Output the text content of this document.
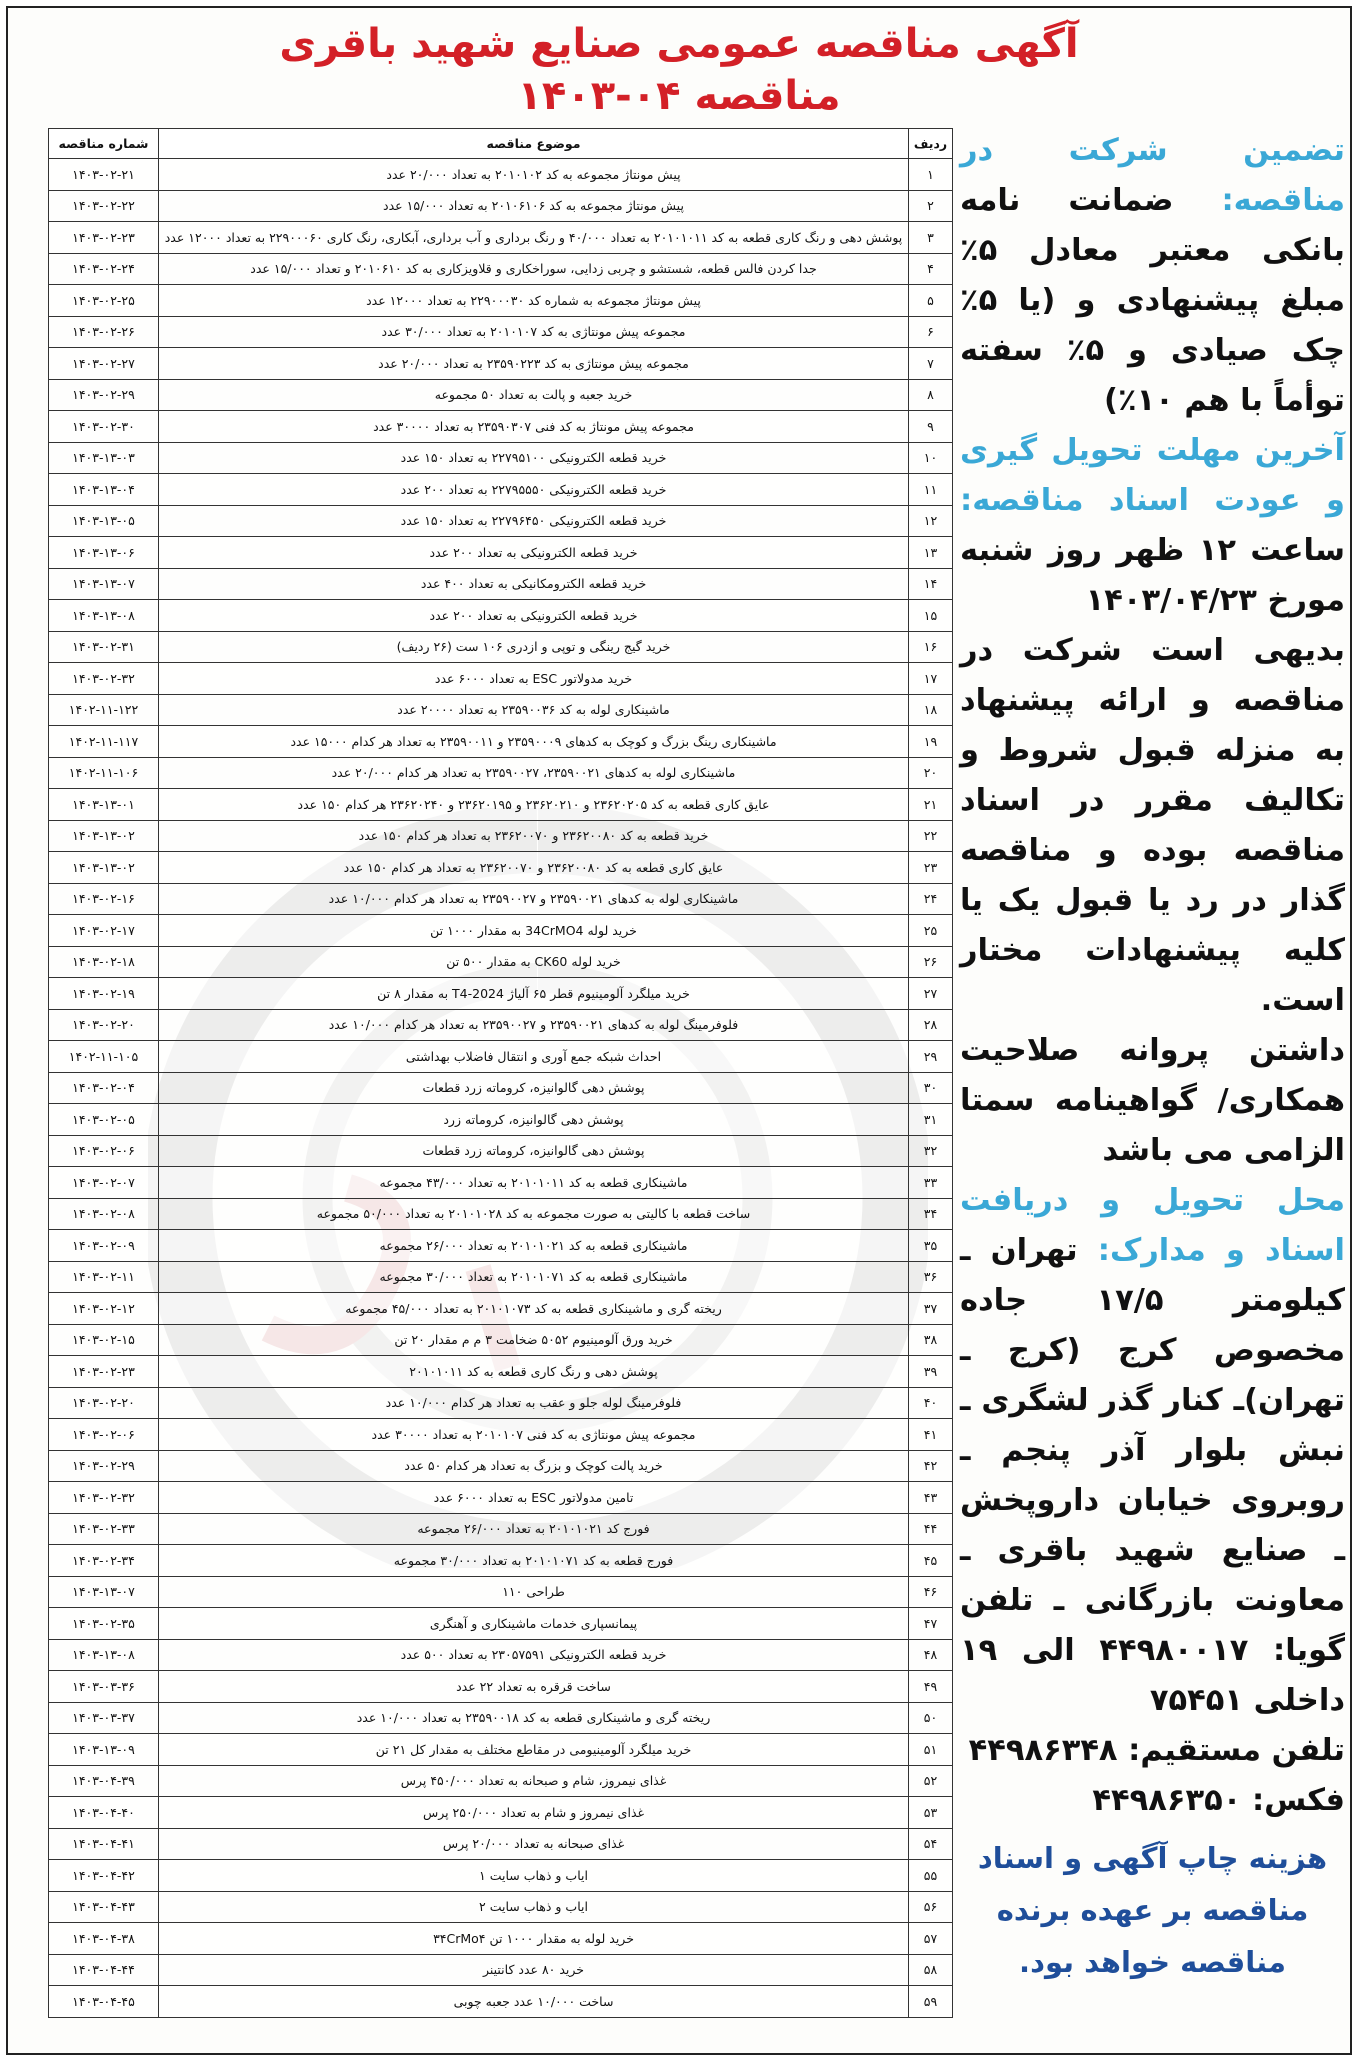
آگهی مناقصه عمومی صنایع شهید باقری
مناقصه ۰۴-۱۴۰۳
ردیف	موضوع مناقصه	شماره مناقصه
۱	پیش مونتاژ مجموعه به کد ۲۰۱۰۱۰۲ به تعداد ۲۰/۰۰۰ عدد	۱۴۰۳-۰۲-۲۱
۲	پیش مونتاژ مجموعه به کد ۲۰۱۰۶۱۰۶ به تعداد ۱۵/۰۰۰ عدد	۱۴۰۳-۰۲-۲۲
۳	پوشش دهی و رنگ کاری قطعه به کد ۲۰۱۰۱۰۱۱ به تعداد ۴۰/۰۰۰ و رنگ برداری و آب برداری، آبکاری، رنگ کاری ۲۲۹۰۰۰۶۰ به تعداد ۱۲۰۰۰ عدد	۱۴۰۳-۰۲-۲۳
۴	جدا کردن فالس قطعه، شستشو و چربی زدایی، سوراخکاری و قلاویزکاری به کد ۲۰۱۰۶۱۰ و تعداد ۱۵/۰۰۰ عدد	۱۴۰۳-۰۲-۲۴
۵	پیش مونتاژ مجموعه به شماره کد ۲۲۹۰۰۰۳۰ به تعداد ۱۲۰۰۰ عدد	۱۴۰۳-۰۲-۲۵
۶	مجموعه پیش مونتاژی به کد ۲۰۱۰۱۰۷ به تعداد ۳۰/۰۰۰ عدد	۱۴۰۳-۰۲-۲۶
۷	مجموعه پیش مونتاژی به کد ۲۳۵۹۰۲۲۳ به تعداد ۲۰/۰۰۰ عدد	۱۴۰۳-۰۲-۲۷
۸	خرید جعبه و پالت به تعداد ۵۰ مجموعه	۱۴۰۳-۰۲-۲۹
۹	مجموعه پیش مونتاژ به کد فنی ۲۳۵۹۰۳۰۷ به تعداد ۳۰۰۰۰ عدد	۱۴۰۳-۰۲-۳۰
۱۰	خرید قطعه الکترونیکی ۲۲۷۹۵۱۰۰ به تعداد ۱۵۰ عدد	۱۴۰۳-۱۳-۰۳
۱۱	خرید قطعه الکترونیکی ۲۲۷۹۵۵۵۰ به تعداد ۲۰۰ عدد	۱۴۰۳-۱۳-۰۴
۱۲	خرید قطعه الکترونیکی ۲۲۷۹۶۴۵۰ به تعداد ۱۵۰ عدد	۱۴۰۳-۱۳-۰۵
۱۳	خرید قطعه الکترونیکی به تعداد ۲۰۰ عدد	۱۴۰۳-۱۳-۰۶
۱۴	خرید قطعه الکترومکانیکی به تعداد ۴۰۰ عدد	۱۴۰۳-۱۳-۰۷
۱۵	خرید قطعه الکترونیکی به تعداد ۲۰۰ عدد	۱۴۰۳-۱۳-۰۸
۱۶	خرید گیج رینگی و توپی و ازدری ۱۰۶ ست (۲۶ ردیف)	۱۴۰۳-۰۲-۳۱
۱۷	خرید مدولاتور ESC به تعداد ۶۰۰۰ عدد	۱۴۰۳-۰۲-۳۲
۱۸	ماشینکاری لوله به کد ۲۳۵۹۰۰۳۶ به تعداد ۲۰۰۰۰ عدد	۱۴۰۲-۱۱-۱۲۲
۱۹	ماشینکاری رینگ بزرگ و کوچک به کدهای ۲۳۵۹۰۰۰۹ و ۲۳۵۹۰۰۱۱ به تعداد هر کدام ۱۵۰۰۰ عدد	۱۴۰۲-۱۱-۱۱۷
۲۰	ماشینکاری لوله به کدهای ۲۳۵۹۰۰۲۱، ۲۳۵۹۰۰۲۷ به تعداد هر کدام ۲۰/۰۰۰ عدد	۱۴۰۲-۱۱-۱۰۶
۲۱	عایق کاری قطعه به کد ۲۳۶۲۰۲۰۵ و ۲۳۶۲۰۲۱۰ و ۲۳۶۲۰۱۹۵ و ۲۳۶۲۰۲۴۰ هر کدام ۱۵۰ عدد	۱۴۰۳-۱۳-۰۱
۲۲	خرید قطعه به کد ۲۳۶۲۰۰۸۰ و ۲۳۶۲۰۰۷۰ به تعداد هر کدام ۱۵۰ عدد	۱۴۰۳-۱۳-۰۲
۲۳	عایق کاری قطعه به کد ۲۳۶۲۰۰۸۰ و ۲۳۶۲۰۰۷۰ به تعداد هر کدام ۱۵۰ عدد	۱۴۰۳-۱۳-۰۲
۲۴	ماشینکاری لوله به کدهای ۲۳۵۹۰۰۲۱ و ۲۳۵۹۰۰۲۷ به تعداد هر کدام ۱۰/۰۰۰ عدد	۱۴۰۳-۰۲-۱۶
۲۵	خرید لوله 34CrMO4 به مقدار ۱۰۰۰ تن	۱۴۰۳-۰۲-۱۷
۲۶	خرید لوله CK60 به مقدار ۵۰۰ تن	۱۴۰۳-۰۲-۱۸
۲۷	خرید میلگرد آلومینیوم قطر ۶۵ آلیاژ 2024-T4 به مقدار ۸ تن	۱۴۰۳-۰۲-۱۹
۲۸	فلوفرمینگ لوله به کدهای ۲۳۵۹۰۰۲۱ و ۲۳۵۹۰۰۲۷ به تعداد هر کدام ۱۰/۰۰۰ عدد	۱۴۰۳-۰۲-۲۰
۲۹	احداث شبکه جمع آوری و انتقال فاضلاب بهداشتی	۱۴۰۲-۱۱-۱۰۵
۳۰	پوشش دهی گالوانیزه، کروماته زرد قطعات	۱۴۰۳-۰۲-۰۴
۳۱	پوشش دهی گالوانیزه، کروماته زرد	۱۴۰۳-۰۲-۰۵
۳۲	پوشش دهی گالوانیزه، کروماته زرد قطعات	۱۴۰۳-۰۲-۰۶
۳۳	ماشینکاری قطعه به کد ۲۰۱۰۱۰۱۱ به تعداد ۴۳/۰۰۰ مجموعه	۱۴۰۳-۰۲-۰۷
۳۴	ساخت قطعه با کالیتی به صورت مجموعه به کد ۲۰۱۰۱۰۲۸ به تعداد ۵۰/۰۰۰ مجموعه	۱۴۰۳-۰۲-۰۸
۳۵	ماشینکاری قطعه به کد ۲۰۱۰۱۰۲۱ به تعداد ۲۶/۰۰۰ مجموعه	۱۴۰۳-۰۲-۰۹
۳۶	ماشینکاری قطعه به کد ۲۰۱۰۱۰۷۱ به تعداد ۳۰/۰۰۰ مجموعه	۱۴۰۳-۰۲-۱۱
۳۷	ریخته گری و ماشینکاری قطعه به کد ۲۰۱۰۱۰۷۳ به تعداد ۴۵/۰۰۰ مجموعه	۱۴۰۳-۰۲-۱۲
۳۸	خرید ورق آلومینیوم ۵۰۵۲ ضخامت ۳ م م مقدار ۲۰ تن	۱۴۰۳-۰۲-۱۵
۳۹	پوشش دهی و رنگ کاری قطعه به کد ۲۰۱۰۱۰۱۱	۱۴۰۳-۰۲-۲۳
۴۰	فلوفرمینگ لوله جلو و عقب به تعداد هر کدام ۱۰/۰۰۰ عدد	۱۴۰۳-۰۲-۲۰
۴۱	مجموعه پیش مونتاژی به کد فنی ۲۰۱۰۱۰۷ به تعداد ۳۰۰۰۰ عدد	۱۴۰۳-۰۲-۰۶
۴۲	خرید پالت کوچک و بزرگ به تعداد هر کدام ۵۰ عدد	۱۴۰۳-۰۲-۲۹
۴۳	تامین مدولاتور ESC به تعداد ۶۰۰۰ عدد	۱۴۰۳-۰۲-۳۲
۴۴	فورج کد ۲۰۱۰۱۰۲۱ به تعداد ۲۶/۰۰۰ مجموعه	۱۴۰۳-۰۲-۳۳
۴۵	فورج قطعه به کد ۲۰۱۰۱۰۷۱ به تعداد ۳۰/۰۰۰ مجموعه	۱۴۰۳-۰۲-۳۴
۴۶	طراحی ۱۱۰	۱۴۰۳-۱۳-۰۷
۴۷	پیمانسپاری خدمات ماشینکاری و آهنگری	۱۴۰۳-۰۲-۳۵
۴۸	خرید قطعه الکترونیکی ۲۳۰۵۷۵۹۱ به تعداد ۵۰۰ عدد	۱۴۰۳-۱۳-۰۸
۴۹	ساخت قرقره به تعداد ۲۲ عدد	۱۴۰۳-۰۳-۳۶
۵۰	ریخته گری و ماشینکاری قطعه به کد ۲۳۵۹۰۰۱۸ به تعداد ۱۰/۰۰۰ عدد	۱۴۰۳-۰۳-۳۷
۵۱	خرید میلگرد آلومینیومی در مقاطع مختلف به مقدار کل ۲۱ تن	۱۴۰۳-۱۳-۰۹
۵۲	غذای نیمروز، شام و صبحانه به تعداد ۴۵۰/۰۰۰ پرس	۱۴۰۳-۰۴-۳۹
۵۳	غذای نیمروز و شام به تعداد ۲۵۰/۰۰۰ پرس	۱۴۰۳-۰۴-۴۰
۵۴	غذای صبحانه به تعداد ۲۰/۰۰۰ پرس	۱۴۰۳-۰۴-۴۱
۵۵	ایاب و ذهاب سایت ۱	۱۴۰۳-۰۴-۴۲
۵۶	ایاب و ذهاب سایت ۲	۱۴۰۳-۰۴-۴۳
۵۷	خرید لوله به مقدار ۱۰۰۰ تن ۳۴CrMo۴	۱۴۰۳-۰۴-۳۸
۵۸	خرید ۸۰ عدد کانتینر	۱۴۰۳-۰۴-۴۴
۵۹	ساخت ۱۰/۰۰۰ عدد جعبه چوبی	۱۴۰۳-۰۴-۴۵

تضمین شرکت در مناقصه: ضمانت نامه بانکی معتبر معادل ۵٪ مبلغ پیشنهادی و (یا ۵٪ چک صیادی و ۵٪ سفته توأماً با هم ۱۰٪)

آخرین مهلت تحویل گیری و عودت اسناد مناقصه: ساعت ۱۲ ظهر روز شنبه مورخ ۱۴۰۳/۰۴/۲۳

بدیهی است شرکت در مناقصه و ارائه پیشنهاد به منزله قبول شروط و تکالیف مقرر در اسناد مناقصه بوده و مناقصه گذار در رد یا قبول یک یا کلیه پیشنهادات مختار است.

داشتن پروانه صلاحیت همکاری/ گواهینامه سمتا الزامی می باشد

محل تحویل و دریافت اسناد و مدارک: تهران ـ کیلومتر ۱۷/۵ جاده مخصوص کرج (کرج ـ تهران)ـ کنار گذر لشگری ـ نبش بلوار آذر پنجم ـ روبروی خیابان داروپخش ـ صنایع شهید باقری ـ معاونت بازرگانی ـ تلفن گویا: ۴۴۹۸۰۰۱۷ الی ۱۹ داخلی ۷۵۴۵۱

تلفن مستقیم: ۴۴۹۸۶۳۴۸

فکس: ۴۴۹۸۶۳۵۰

هزینه چاپ آگهی و اسناد مناقصه بر عهده برنده مناقصه خواهد بود.
